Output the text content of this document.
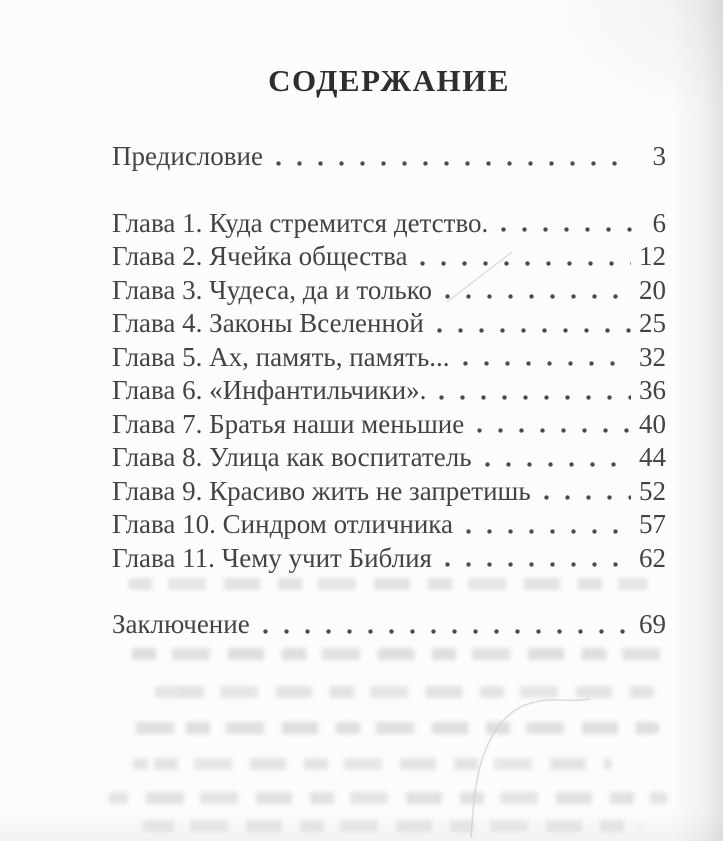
СОДЕРЖАНИЕ
Предисловие	3
Глава 1. Куда стремится детство.	6
Глава 2. Ячейка общества	12
Глава 3. Чудеса, да и только	20
Глава 4. Законы Вселенной	25
Глава 5. Ах, память, память...	32
Глава 6. «Инфантильчики».	36
Глава 7. Братья наши меньшие	40
Глава 8. Улица как воспитатель	44
Глава 9. Красиво жить не запретишь	52
Глава 10. Синдром отличника	57
Глава 11. Чему учит Библия	62
Заключение	69
